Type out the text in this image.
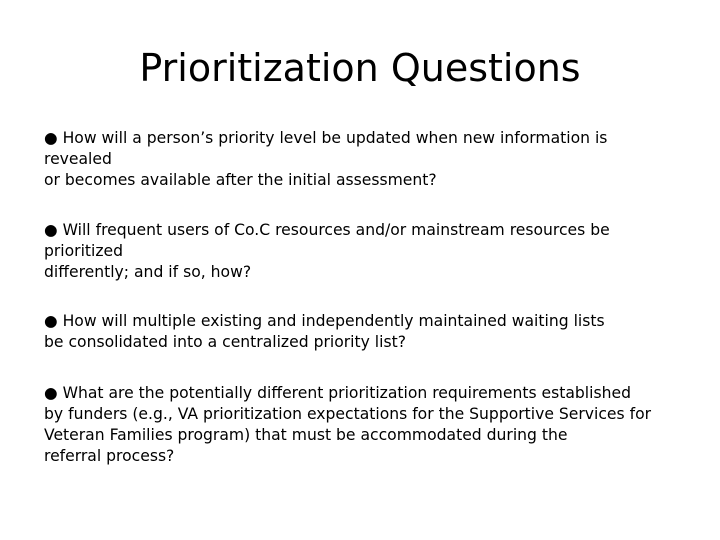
Prioritization Questions
● How will a person’s priority level be updated when new information is
revealed
or becomes available after the initial assessment?
● Will frequent users of Co.C resources and/or mainstream resources be
prioritized
differently; and if so, how?
● How will multiple existing and independently maintained waiting lists
be consolidated into a centralized priority list?
● What are the potentially different prioritization requirements established
by funders (e.g., VA prioritization expectations for the Supportive Services for
Veteran Families program) that must be accommodated during the
referral process?
